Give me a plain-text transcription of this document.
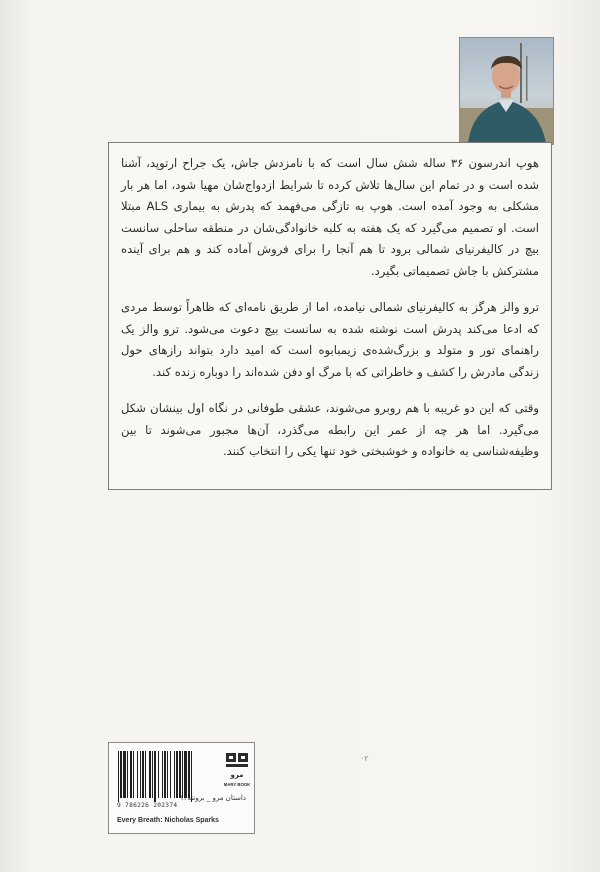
هوپ اندرسون ۳۶ ساله شش سال است که با نامزدش جاش، یک جراح ارتوپد، آشنا شده است و در تمام این سال‌ها تلاش کرده تا شرایط ازدواج‌شان مهیا شود، اما هر بار مشکلی به وجود آمده است. هوپ به تازگی می‌فهمد که پدرش به بیماری ALS مبتلا است. او تصمیم می‌گیرد که یک هفته به کلبه خانوادگی‌شان در منطقه ساحلی سانست بیچ در کالیفرنیای شمالی برود تا هم آنجا را برای فروش آماده کند و هم برای آینده مشترکش با جاش تصمیماتی بگیرد.

ترو والز هرگز به کالیفرنیای شمالی نیامده، اما از طریق نامه‌ای که ظاهراً توسط مردی که ادعا می‌کند پدرش است نوشته شده به سانست بیچ دعوت می‌شود. ترو والز یک راهنمای تور و متولد و بزرگ‌شده‌ی زیمبابوه است که امید دارد بتواند رازهای حول زندگی مادرش را کشف و خاطراتی که با مرگ او دفن شده‌اند را دوباره زنده کند.

وقتی که این دو غریبه با هم روبرو می‌شوند، عشقی طوفانی در نگاه اول بینشان شکل می‌گیرد. اما هر چه از عمر این رابطه می‌گذرد، آن‌ها مجبور می‌شوند تا بین وظیفه‌شناسی به خانواده و خوشبختی خود تنها یکی را انتخاب کنند.

۰۲
9 786226 202374
مرو
MARY BOOK
داستان مرو _ برونته۱۲
Every Breath: Nicholas Sparks
